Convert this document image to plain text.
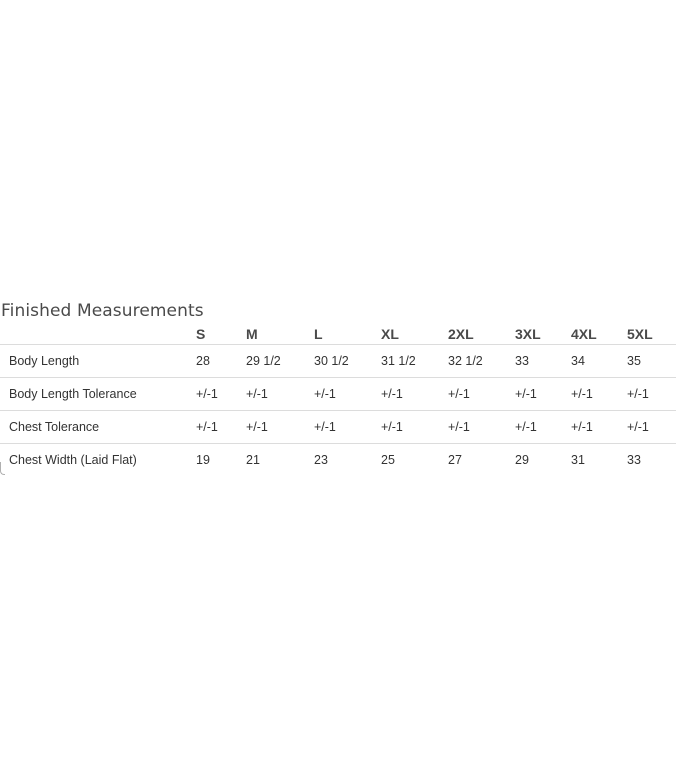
Finished Measurements
	S	M	L	XL	2XL	3XL	4XL	5XL
Body Length	28	29 1/2	30 1/2	31 1/2	32 1/2	33	34	35
Body Length Tolerance	+/-1	+/-1	+/-1	+/-1	+/-1	+/-1	+/-1	+/-1
Chest Tolerance	+/-1	+/-1	+/-1	+/-1	+/-1	+/-1	+/-1	+/-1
Chest Width (Laid Flat)	19	21	23	25	27	29	31	33
